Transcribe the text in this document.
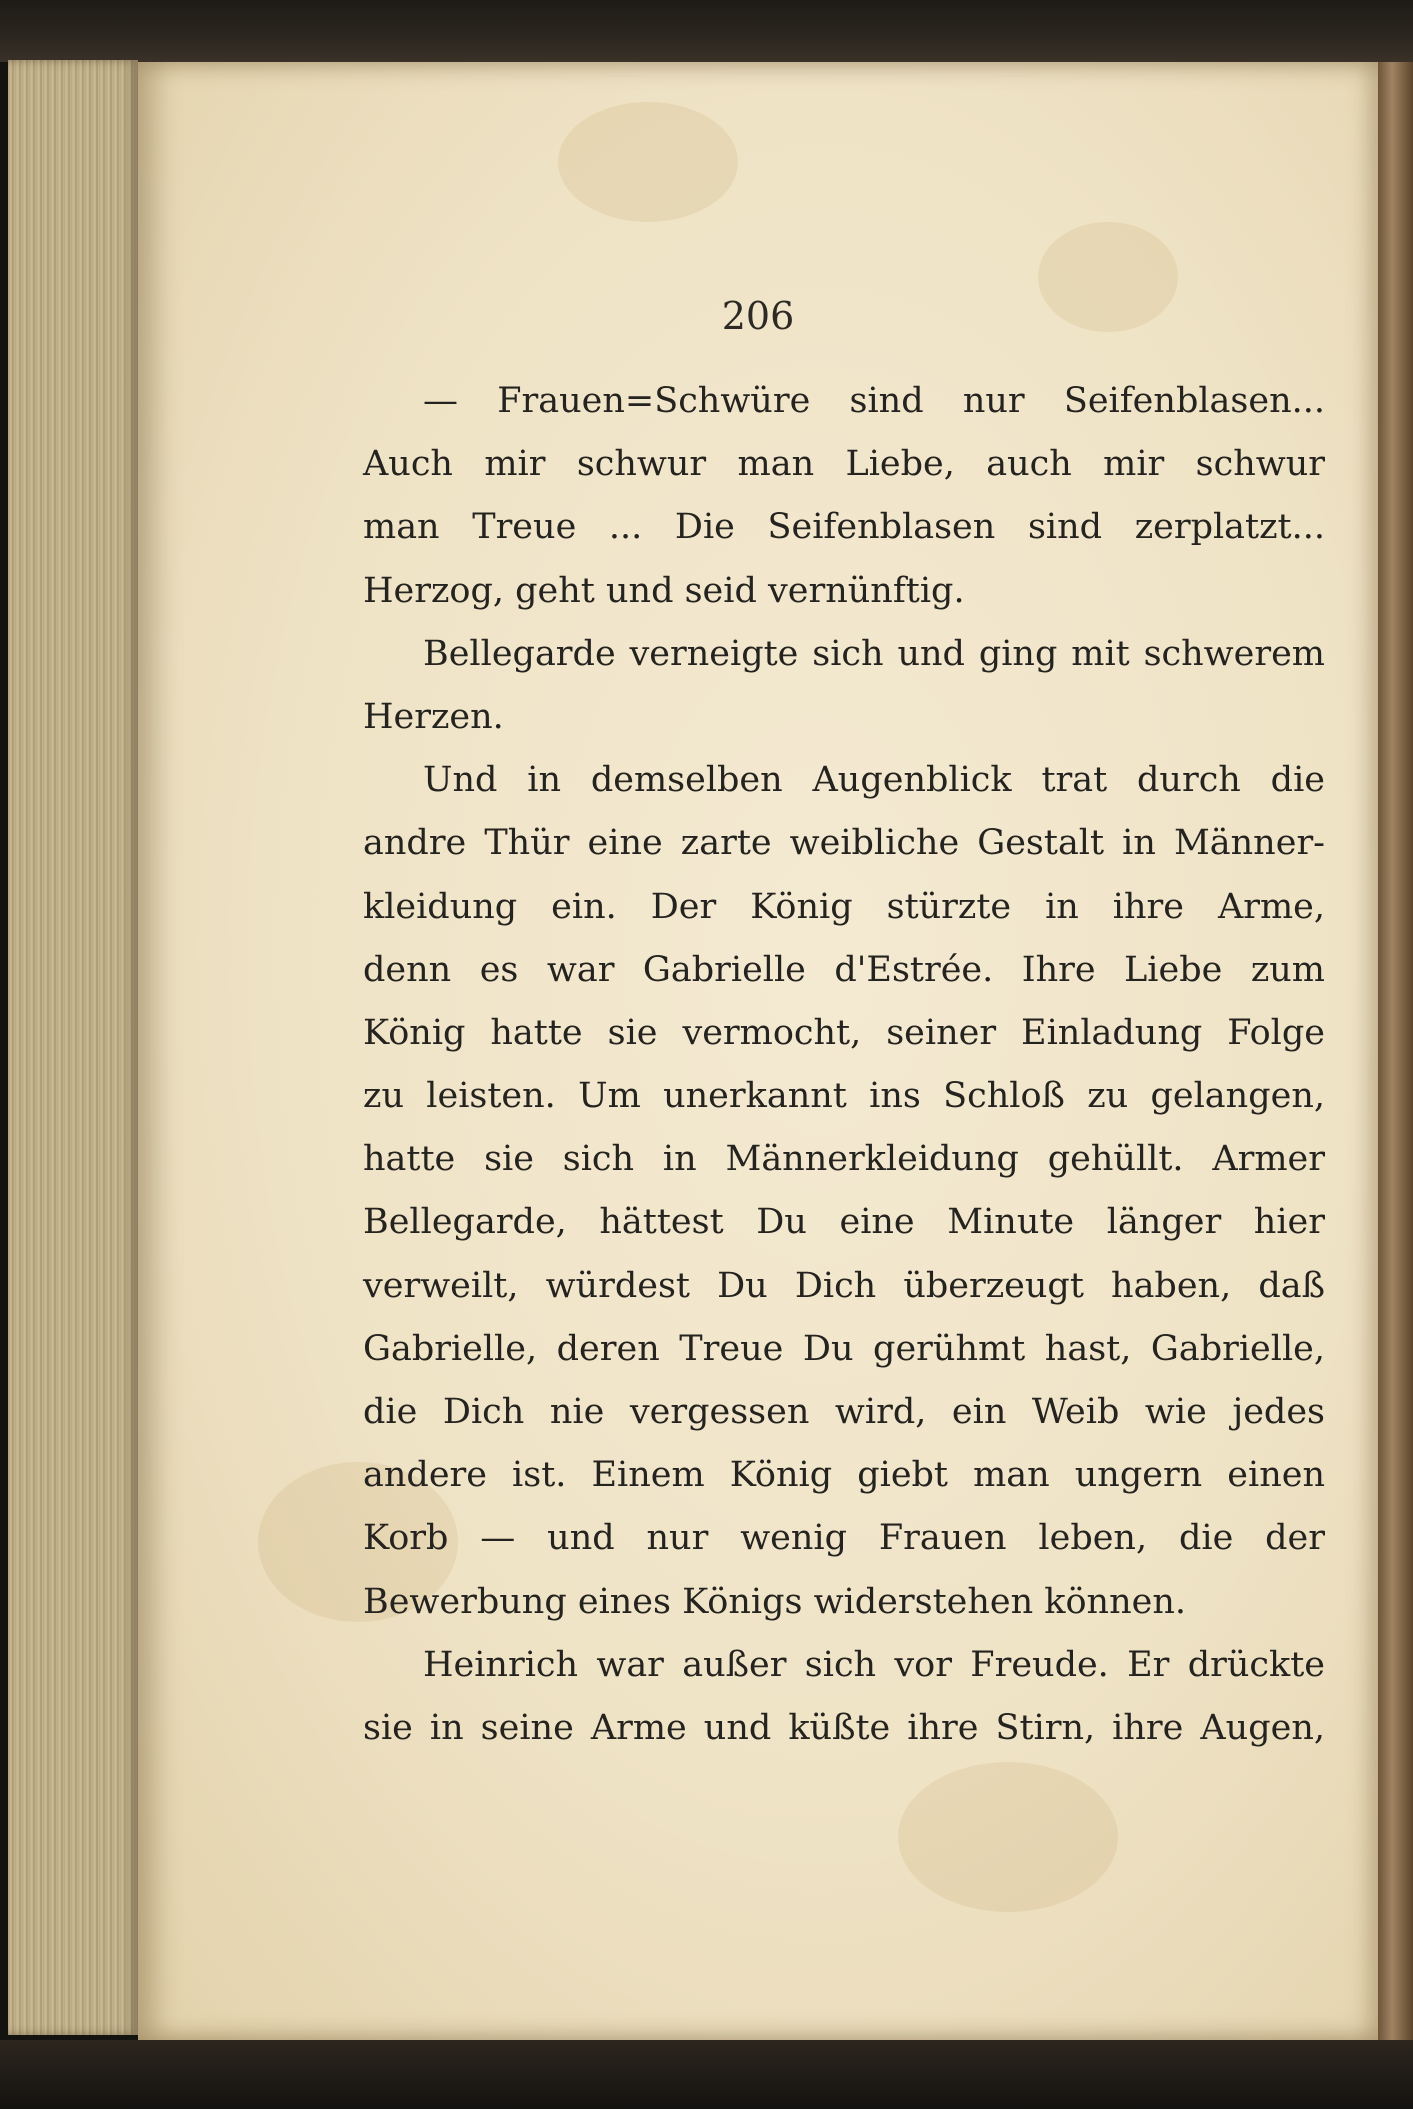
206
— Frauen=Schwüre sind nur Seifenblasen...
Auch mir schwur man Liebe, auch mir schwur
man Treue ... Die Seifenblasen sind zerplatzt...
Herzog, geht und seid vernünftig.
Bellegarde verneigte sich und ging mit schwerem
Herzen.
Und in demselben Augenblick trat durch die
andre Thür eine zarte weibliche Gestalt in Männer-
kleidung ein. Der König stürzte in ihre Arme,
denn es war Gabrielle d'Estrée. Ihre Liebe zum
König hatte sie vermocht, seiner Einladung Folge
zu leisten. Um unerkannt ins Schloß zu gelangen,
hatte sie sich in Männerkleidung gehüllt. Armer
Bellegarde, hättest Du eine Minute länger hier
verweilt, würdest Du Dich überzeugt haben, daß
Gabrielle, deren Treue Du gerühmt hast, Gabrielle,
die Dich nie vergessen wird, ein Weib wie jedes
andere ist. Einem König giebt man ungern einen
Korb — und nur wenig Frauen leben, die der
Bewerbung eines Königs widerstehen können.
Heinrich war außer sich vor Freude. Er drückte
sie in seine Arme und küßte ihre Stirn, ihre Augen,
